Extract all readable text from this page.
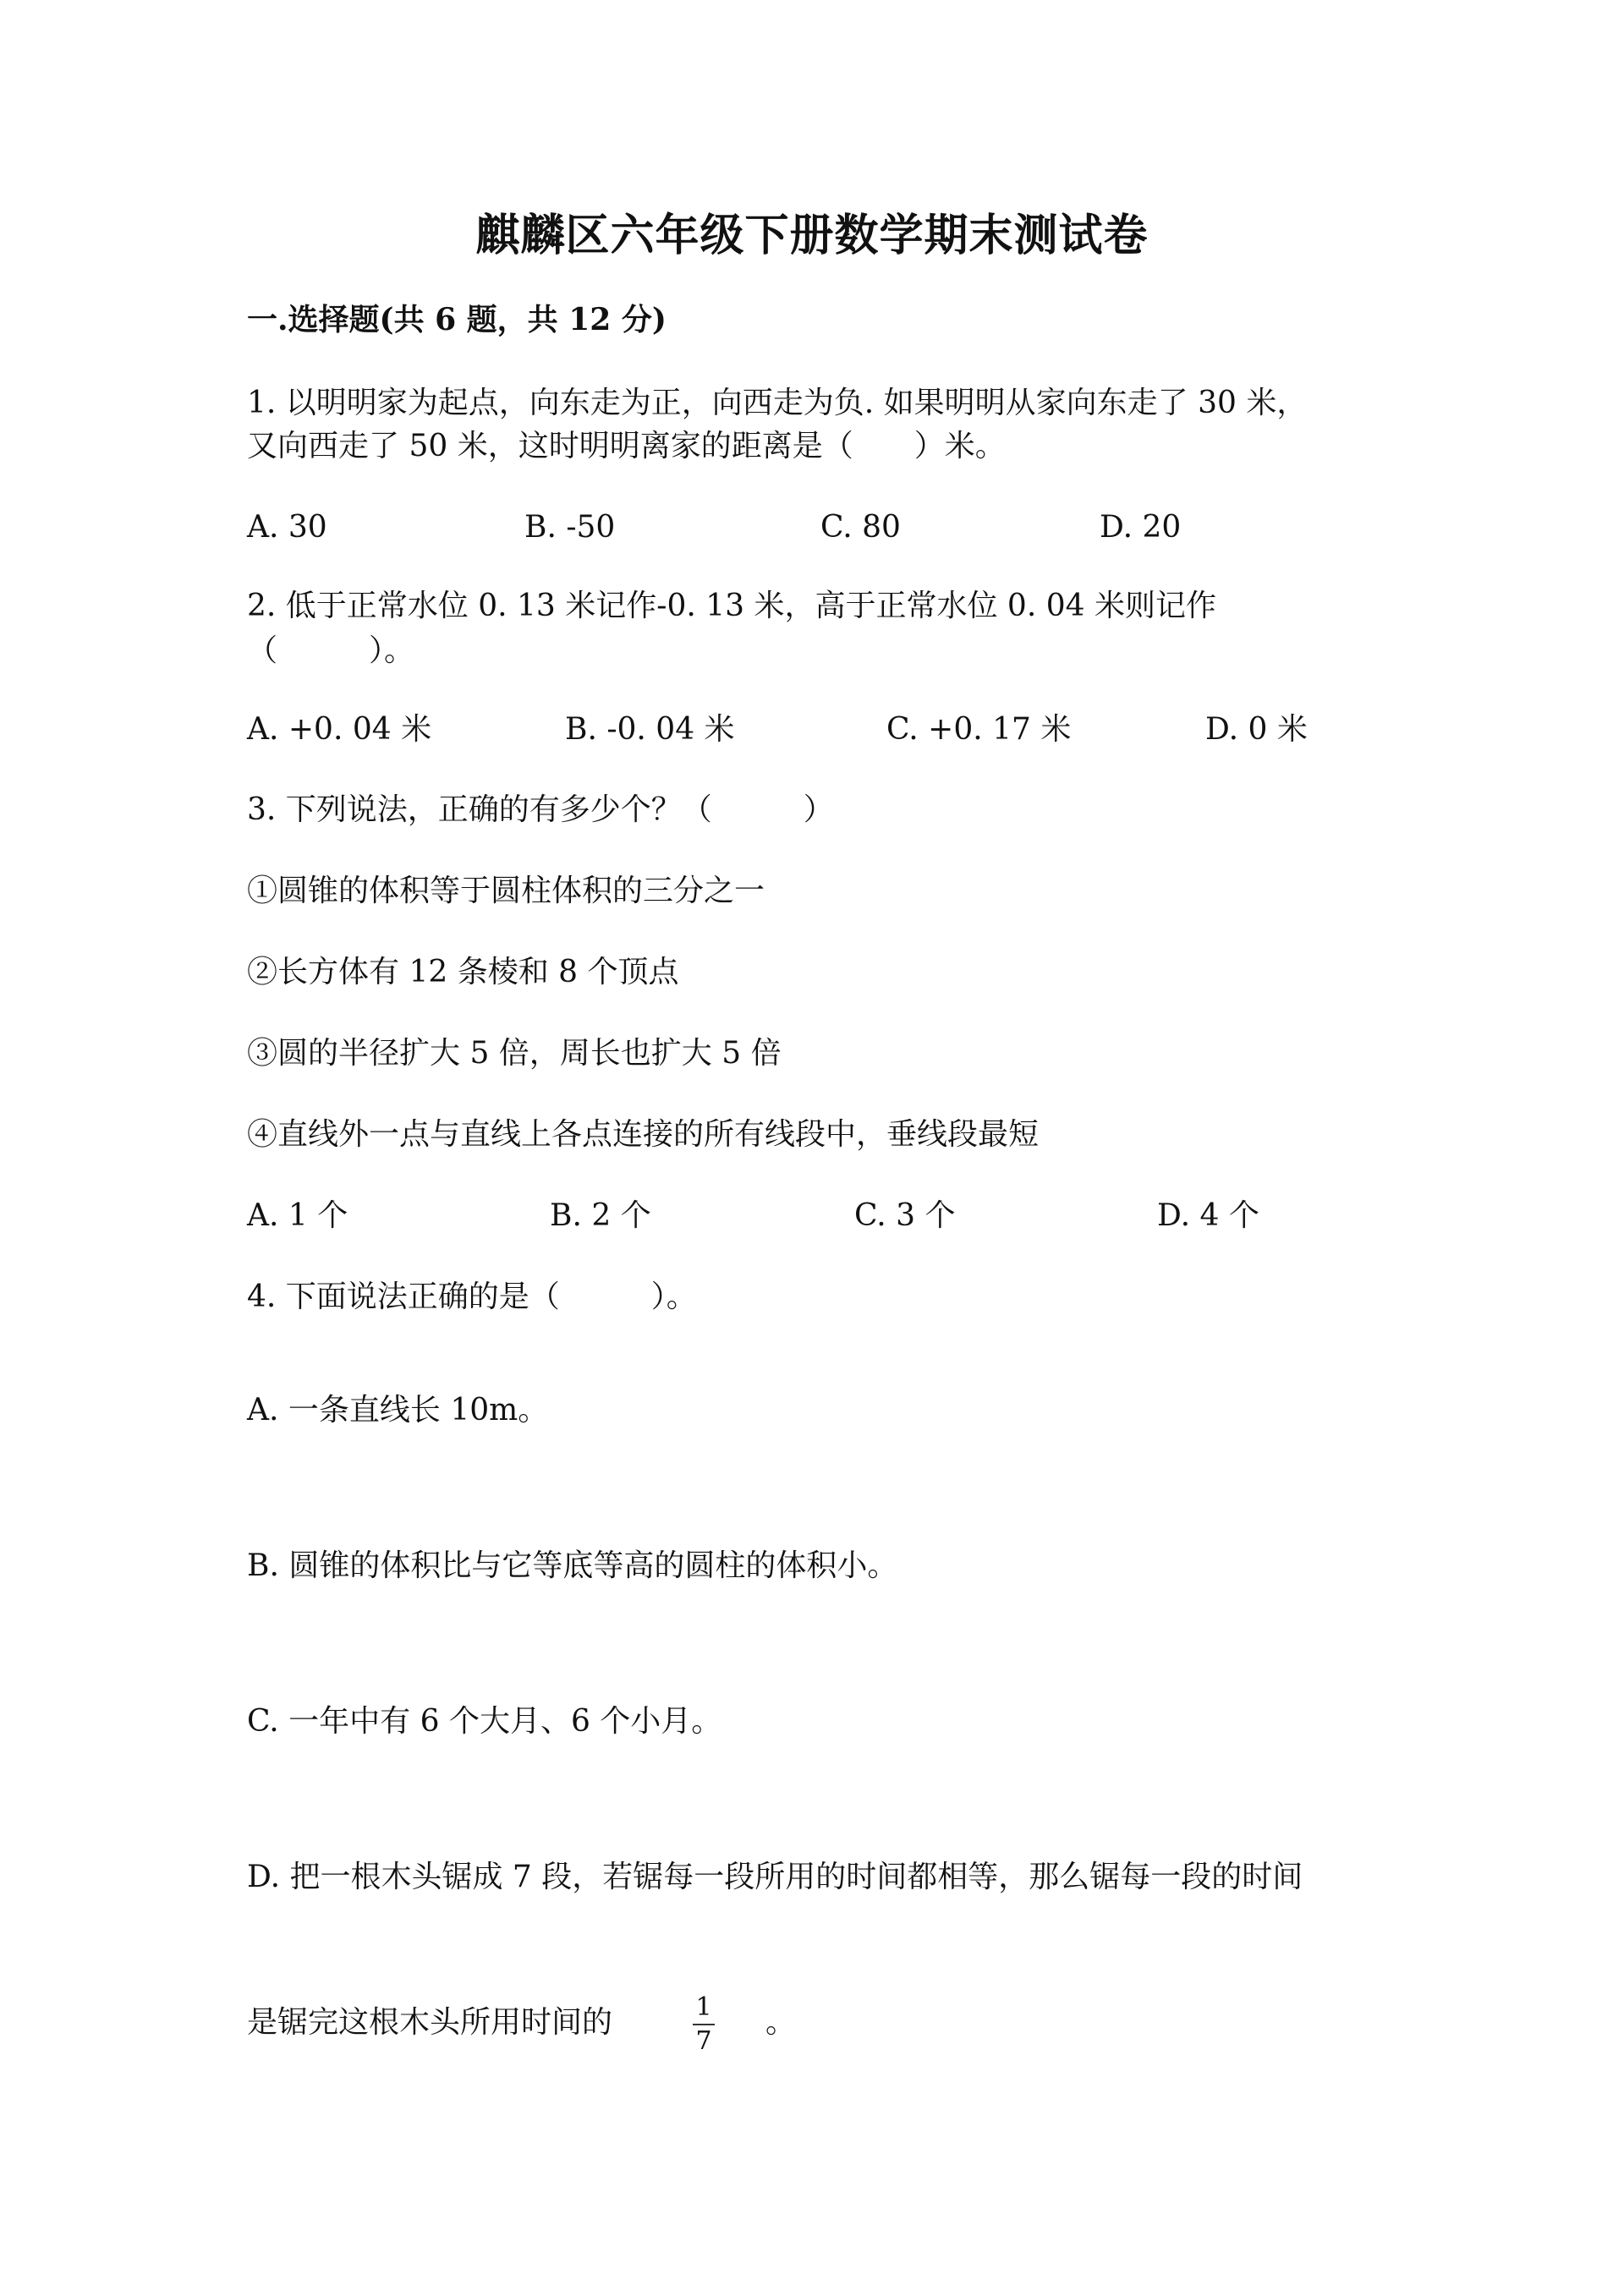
麒麟区六年级下册数学期末测试卷
一.选择题(共 6 题，共 12 分)
1. 以明明家为起点，向东走为正，向西走为负. 如果明明从家向东走了 30 米，
又向西走了 50 米，这时明明离家的距离是（　　）米。
A. 30	B. -50	C. 80	D. 20
2. 低于正常水位 0. 13 米记作-0. 13 米，高于正常水位 0. 04 米则记作
（　　　）。
A. +0. 04 米	B. -0. 04 米	C. +0. 17 米	D. 0 米
3. 下列说法，正确的有多少个？（　　　）
①圆锥的体积等于圆柱体积的三分之一
②长方体有 12 条棱和 8 个顶点
③圆的半径扩大 5 倍，周长也扩大 5 倍
④直线外一点与直线上各点连接的所有线段中，垂线段最短
A. 1 个	B. 2 个	C. 3 个	D. 4 个
4. 下面说法正确的是（　　　）。
A. 一条直线长 10m。
B. 圆锥的体积比与它等底等高的圆柱的体积小。
C. 一年中有 6 个大月、6 个小月。
D. 把一根木头锯成 7 段，若锯每一段所用的时间都相等，那么锯每一段的时间
是锯完这根木头所用时间的	1
7
。
